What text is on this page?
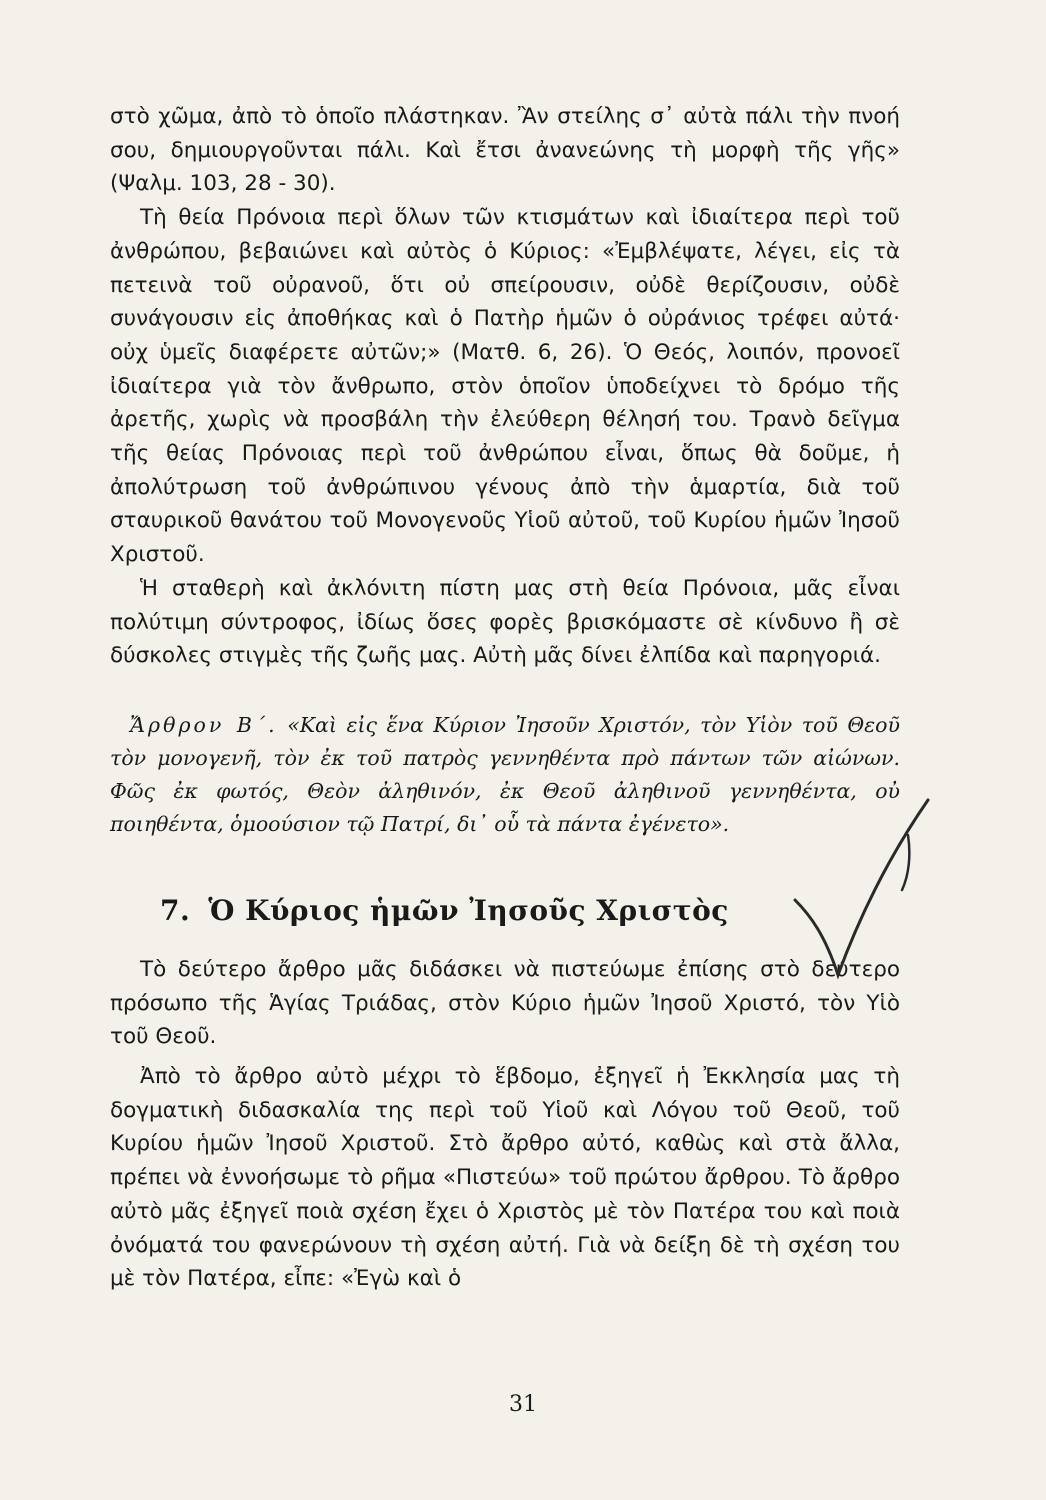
στὸ χῶμα, ἀπὸ τὸ ὁποῖο πλάστηκαν. Ἂν στείλης σ᾽ αὐτὰ πάλι τὴν πνοή σου, δημιουργοῦνται πάλι. Καὶ ἔτσι ἀνανεώνης τὴ μορφὴ τῆς γῆς» (Ψαλμ. 103, 28 - 30).

Τὴ θεία Πρόνοια περὶ ὅλων τῶν κτισμάτων καὶ ἰδιαίτερα περὶ τοῦ ἀνθρώπου, βεβαιώνει καὶ αὐτὸς ὁ Κύριος: «Ἐμβλέψατε, λέγει, εἰς τὰ πετεινὰ τοῦ οὐρανοῦ, ὅτι οὐ σπείρουσιν, οὐδὲ θερίζουσιν, οὐδὲ συνάγουσιν εἰς ἀποθήκας καὶ ὁ Πατὴρ ἡμῶν ὁ οὐράνιος τρέφει αὐτά· οὐχ ὑμεῖς διαφέρετε αὐτῶν;» (Ματθ. 6, 26). Ὁ Θεός, λοιπόν, προνοεῖ ἰδιαίτερα γιὰ τὸν ἄνθρωπο, στὸν ὁποῖον ὑποδείχνει τὸ δρόμο τῆς ἀρετῆς, χωρὶς νὰ προσβάλη τὴν ἐλεύθερη θέλησή του. Τρανὸ δεῖγμα τῆς θείας Πρόνοιας περὶ τοῦ ἀνθρώπου εἶναι, ὅπως θὰ δοῦμε, ἡ ἀπολύτρωση τοῦ ἀνθρώπινου γένους ἀπὸ τὴν ἁμαρτία, διὰ τοῦ σταυρικοῦ θανάτου τοῦ Μονογενοῦς Υἱοῦ αὐτοῦ, τοῦ Κυρίου ἡμῶν Ἰησοῦ Χριστοῦ.

Ἡ σταθερὴ καὶ ἀκλόνιτη πίστη μας στὴ θεία Πρόνοια, μᾶς εἶναι πολύτιμη σύντροφος, ἰδίως ὅσες φορὲς βρισκόμαστε σὲ κίνδυνο ἢ σὲ δύσκολες στιγμὲς τῆς ζωῆς μας. Αὐτὴ μᾶς δίνει ἐλπίδα καὶ παρηγοριά.

Ἄρθρον Β΄. «Καὶ εἰς ἕνα Κύριον Ἰησοῦν Χριστόν, τὸν Υἱὸν τοῦ Θεοῦ τὸν μονογενῆ, τὸν ἐκ τοῦ πατρὸς γεννηθέντα πρὸ πάντων τῶν αἰώνων. Φῶς ἐκ φωτός, Θεὸν ἀληθινόν, ἐκ Θεοῦ ἀληθινοῦ γεννηθέντα, οὐ ποιηθέντα, ὁμοούσιον τῷ Πατρί, δι᾽ οὗ τὰ πάντα ἐγένετο».

7. Ὁ Κύριος ἡμῶν Ἰησοῦς Χριστὸς

Τὸ δεύτερο ἄρθρο μᾶς διδάσκει νὰ πιστεύωμε ἐπίσης στὸ δεύτερο πρόσωπο τῆς Ἁγίας Τριάδας, στὸν Κύριο ἡμῶν Ἰησοῦ Χριστό, τὸν Υἱὸ τοῦ Θεοῦ.

Ἀπὸ τὸ ἄρθρο αὐτὸ μέχρι τὸ ἕβδομο, ἐξηγεῖ ἡ Ἐκκλησία μας τὴ δογματικὴ διδασκαλία της περὶ τοῦ Υἱοῦ καὶ Λόγου τοῦ Θεοῦ, τοῦ Κυρίου ἡμῶν Ἰησοῦ Χριστοῦ. Στὸ ἄρθρο αὐτό, καθὼς καὶ στὰ ἄλλα, πρέπει νὰ ἐννοήσωμε τὸ ρῆμα «Πιστεύω» τοῦ πρώτου ἄρθρου. Τὸ ἄρθρο αὐτὸ μᾶς ἐξηγεῖ ποιὰ σχέση ἔχει ὁ Χριστὸς μὲ τὸν Πατέρα του καὶ ποιὰ ὀνόματά του φανερώνουν τὴ σχέση αὐτή. Γιὰ νὰ δείξη δὲ τὴ σχέση του μὲ τὸν Πατέρα, εἶπε: «Ἐγὼ καὶ ὁ

31
